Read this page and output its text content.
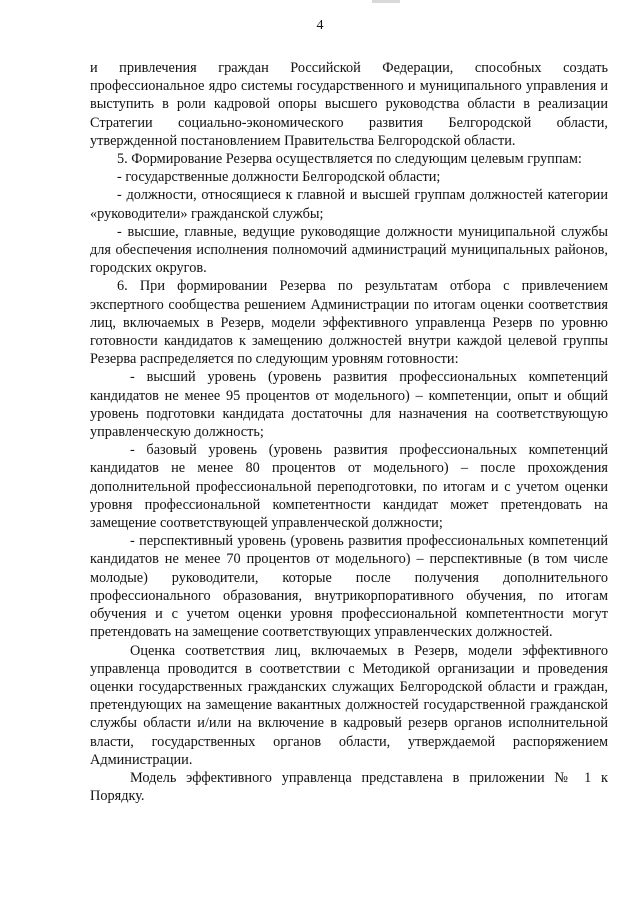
4

и привлечения граждан Российской Федерации, способных создать профессиональное ядро системы государственного и муниципального управления и выступить в роли кадровой опоры высшего руководства области в реализации Стратегии социально-экономического развития Белгородской области, утвержденной постановлением Правительства Белгородской области.

5. Формирование Резерва осуществляется по следующим целевым группам:

- государственные должности Белгородской области;

- должности, относящиеся к главной и высшей группам должностей категории «руководители» гражданской службы;

- высшие, главные, ведущие руководящие должности муниципальной службы для обеспечения исполнения полномочий администраций муниципальных районов, городских округов.

6. При формировании Резерва по результатам отбора с привлечением экспертного сообщества решением Администрации по итогам оценки соответствия лиц, включаемых в Резерв, модели эффективного управленца Резерв по уровню готовности кандидатов к замещению должностей внутри каждой целевой группы Резерва распределяется по следующим уровням готовности:

- высший уровень (уровень развития профессиональных компетенций кандидатов не менее 95 процентов от модельного) – компетенции, опыт и общий уровень подготовки кандидата достаточны для назначения на соответствующую управленческую должность;

- базовый уровень (уровень развития профессиональных компетенций кандидатов не менее 80 процентов от модельного) – после прохождения дополнительной профессиональной переподготовки, по итогам и с учетом оценки уровня профессиональной компетентности кандидат может претендовать на замещение соответствующей управленческой должности;

- перспективный уровень (уровень развития профессиональных компетенций кандидатов не менее 70 процентов от модельного) – перспективные (в том числе молодые) руководители, которые после получения дополнительного профессионального образования, внутрикорпоративного обучения, по итогам обучения и с учетом оценки уровня профессиональной компетентности могут претендовать на замещение соответствующих управленческих должностей.

Оценка соответствия лиц, включаемых в Резерв, модели эффективного управленца проводится в соответствии с Методикой организации и проведения оценки государственных гражданских служащих Белгородской области и граждан, претендующих на замещение вакантных должностей государственной гражданской службы области и/или на включение в кадровый резерв органов исполнительной власти, государственных органов области, утверждаемой распоряжением Администрации.

Модель эффективного управленца представлена в приложении № 1 к Порядку.
